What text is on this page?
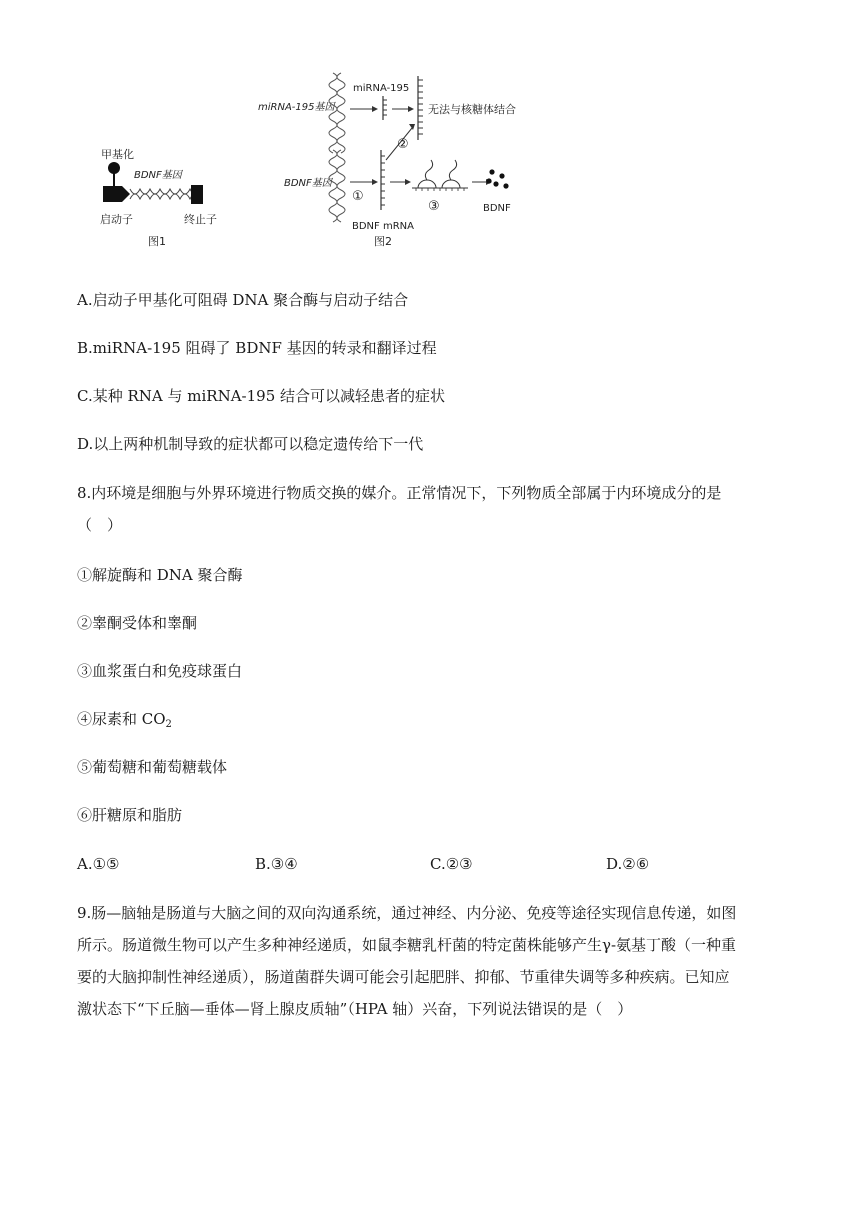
甲基化
BDNF基因
启动子	终止子
图1
miRNA-195基因
miRNA-195
无法与核糖体结合
②
BDNF基因
①
BDNF mRNA
③	BDNF
图2
A.启动子甲基化可阻碍 DNA 聚合酶与启动子结合
B.miRNA-195 阻碍了 BDNF 基因的转录和翻译过程
C.某种 RNA 与 miRNA-195 结合可以减轻患者的症状
D.以上两种机制导致的症状都可以稳定遗传给下一代
8.内环境是细胞与外界环境进行物质交换的媒介。正常情况下，下列物质全部属于内环境成分的是
（　）
①解旋酶和 DNA 聚合酶
②睾酮受体和睾酮
③血浆蛋白和免疫球蛋白
④尿素和 $CO_2$
⑤葡萄糖和葡萄糖载体
⑥肝糖原和脂肪
A.①⑤	B.③④	C.②③	D.②⑥
9.肠—脑轴是肠道与大脑之间的双向沟通系统，通过神经、内分泌、免疫等途径实现信息传递，如图
所示。肠道微生物可以产生多种神经递质，如鼠李糖乳杆菌的特定菌株能够产生γ-氨基丁酸（一种重
要的大脑抑制性神经递质），肠道菌群失调可能会引起肥胖、抑郁、节重律失调等多种疾病。已知应
激状态下“下丘脑—垂体—肾上腺皮质轴”（HPA 轴）兴奋，下列说法错误的是（　）
